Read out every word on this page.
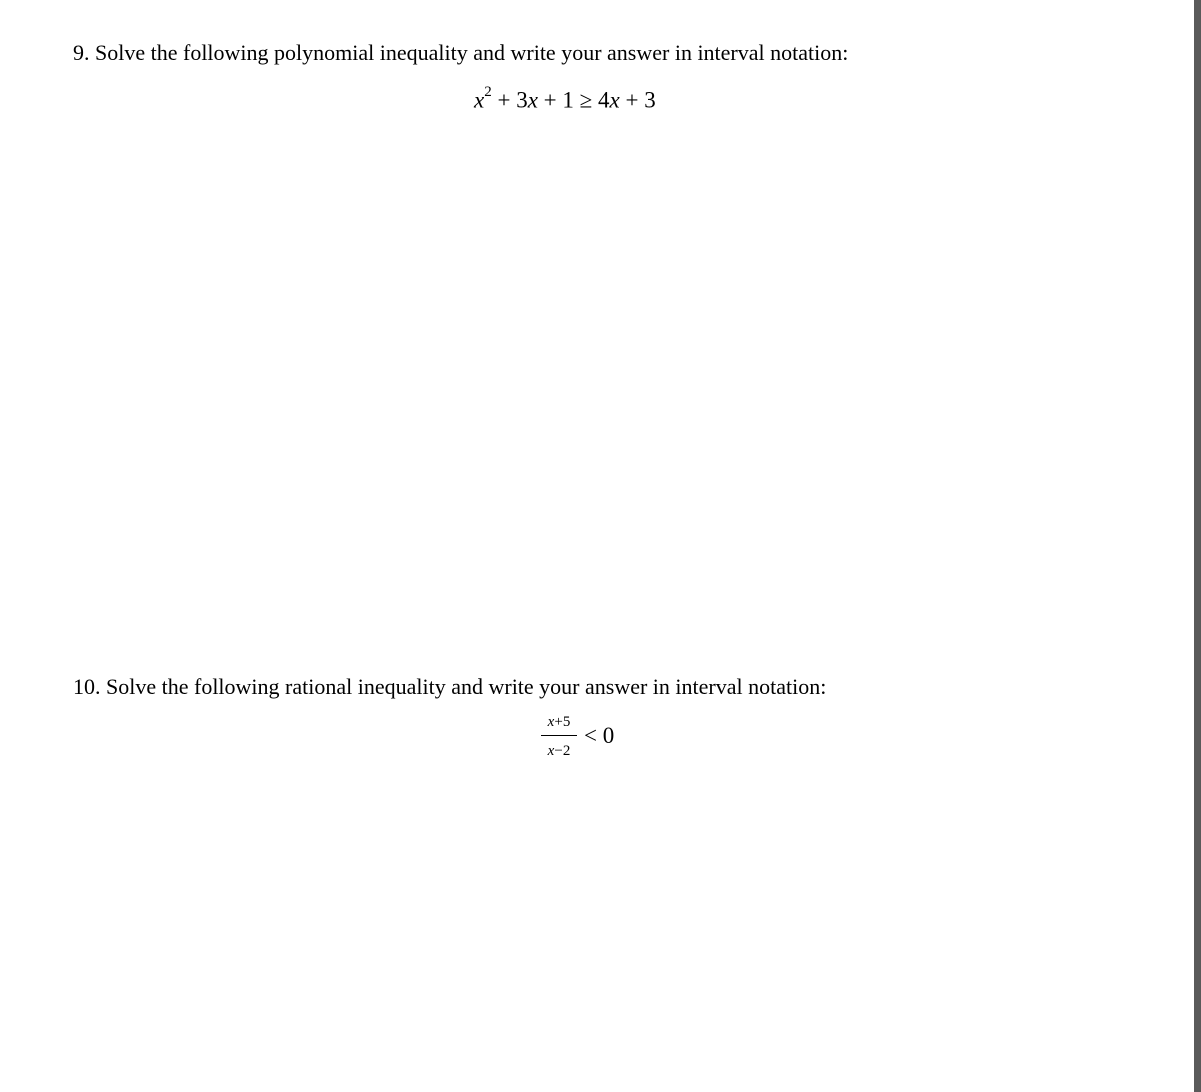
9. Solve the following polynomial inequality and write your answer in interval notation:
$x^2 + 3x + 1 \ge 4x + 3$
10. Solve the following rational inequality and write your answer in interval notation:
x+5
x−2
< 0
